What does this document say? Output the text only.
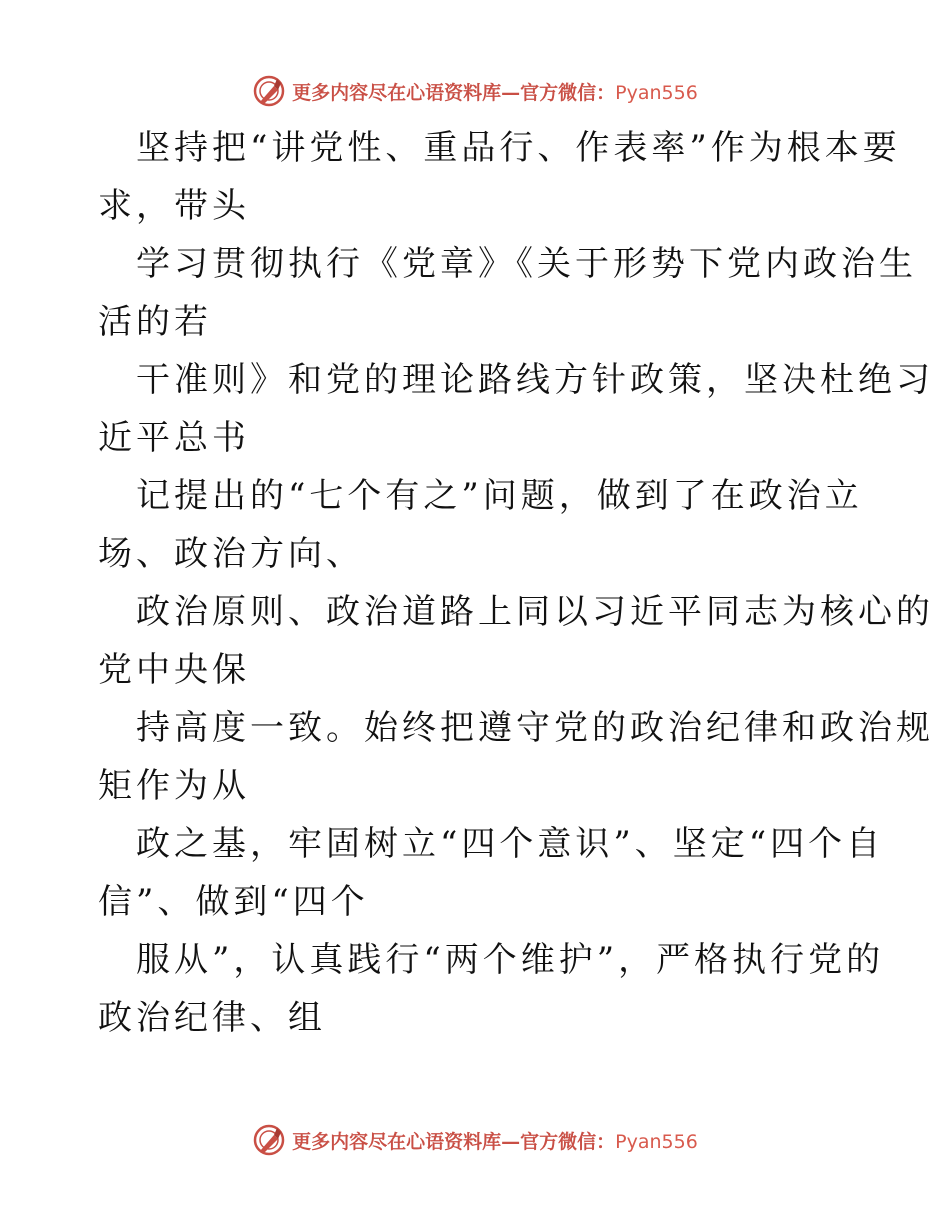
更多内容尽在心语资料库—官方微信：Pyan556
坚持把“讲党性、重品行、作表率”作为根本要
求，带头
学习贯彻执行《党章》《关于形势下党内政治生
活的若
干准则》和党的理论路线方针政策，坚决杜绝习
近平总书
记提出的“七个有之”问题，做到了在政治立
场、政治方向、
政治原则、政治道路上同以习近平同志为核心的
党中央保
持高度一致。始终把遵守党的政治纪律和政治规
矩作为从
政之基，牢固树立“四个意识”、坚定“四个自
信”、做到“四个
服从”，认真践行“两个维护”，严格执行党的
政治纪律、组
更多内容尽在心语资料库—官方微信：Pyan556
